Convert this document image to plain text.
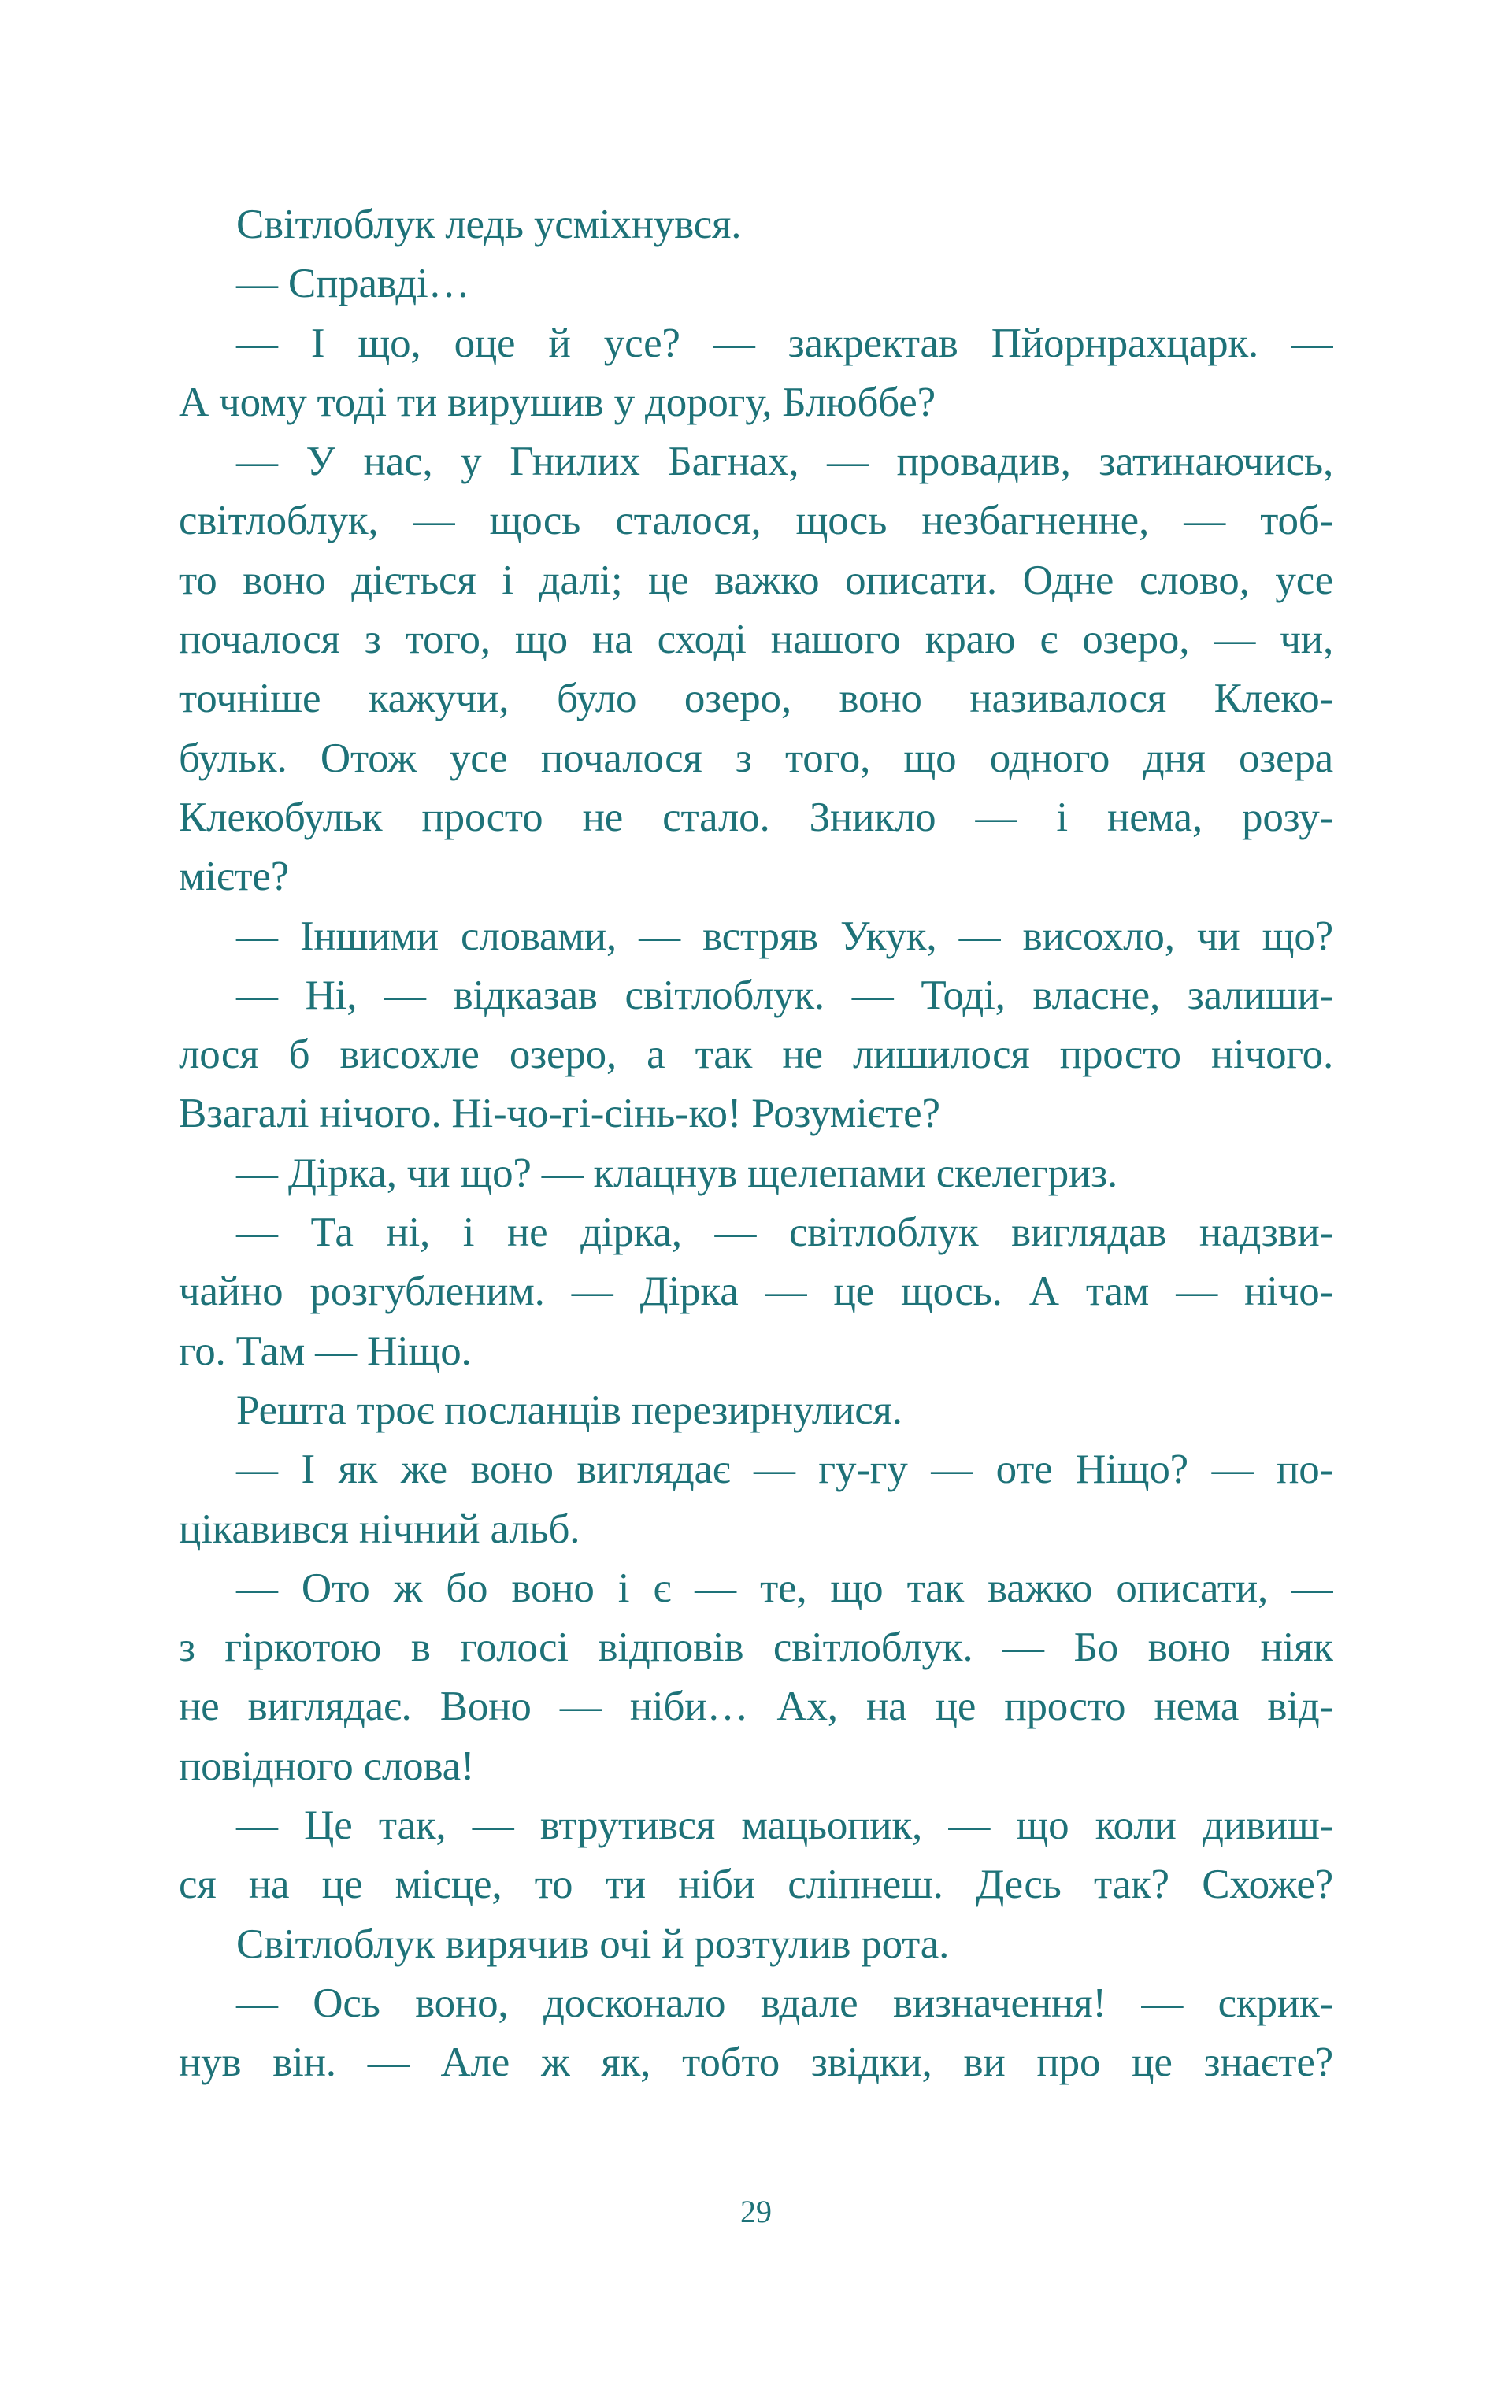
Світлоблук ледь усміхнувся.
— Справді…
— І що, оце й усе? — закректав Пйорнрахцарк. —
А чому тоді ти вирушив у дорогу, Блюббе?
— У нас, у Гнилих Багнах, — провадив, затинаючись,
світлоблук, — щось сталося, щось незбагненне, — тоб-
то воно діється і далі; це важко описати. Одне слово, усе
почалося з того, що на сході нашого краю є озеро, — чи,
точніше кажучи, було озеро, воно називалося Клеко-
бульк. Отож усе почалося з того, що одного дня озера
Клекобульк просто не стало. Зникло — і нема, розу-
мієте?
— Іншими словами, — встряв Укук, — висохло, чи що?
— Ні, — відказав світлоблук. — Тоді, власне, залиши-
лося б висохле озеро, а так не лишилося просто нічого.
Взагалі нічого. Ні-чо-гі-сінь-ко! Розумієте?
— Дірка, чи що? — клацнув щелепами скелегриз.
— Та ні, і не дірка, — світлоблук виглядав надзви-
чайно розгубленим. — Дірка — це щось. А там — нічо-
го. Там — Ніщо.
Решта троє посланців перезирнулися.
— І як же воно виглядає — гу-гу — оте Ніщо? — по-
цікавився нічний альб.
— Ото ж бо воно і є — те, що так важко описати, —
з гіркотою в голосі відповів світлоблук. — Бо воно ніяк
не виглядає. Воно — ніби… Ах, на це просто нема від-
повідного слова!
— Це так, — втрутився мацьопик, — що коли дивиш-
ся на це місце, то ти ніби сліпнеш. Десь так? Схоже?
Світлоблук вирячив очі й розтулив рота.
— Ось воно, досконало вдале визначення! — скрик-
нув він. — Але ж як, тобто звідки, ви про це знаєте?
29
